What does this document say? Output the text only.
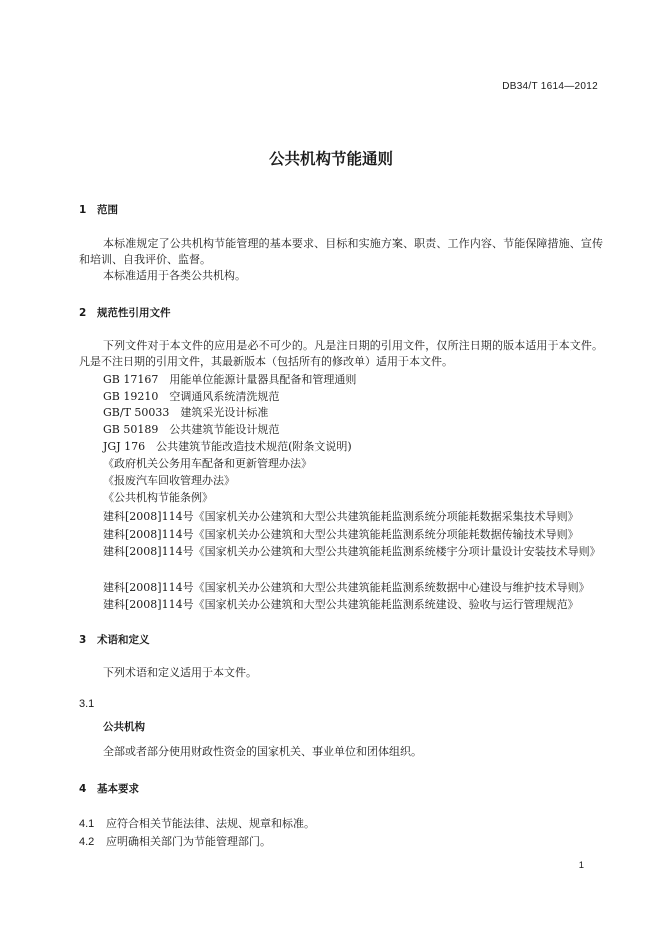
DB34/T 1614—2012
公共机构节能通则
1 范围
本标准规定了公共机构节能管理的基本要求、目标和实施方案、职责、工作内容、节能保障措施、宣传和培训、自我评价、监督。
本标准适用于各类公共机构。
2 规范性引用文件
下列文件对于本文件的应用是必不可少的。凡是注日期的引用文件，仅所注日期的版本适用于本文件。凡是不注日期的引用文件，其最新版本（包括所有的修改单）适用于本文件。
GB 17167　用能单位能源计量器具配备和管理通则
GB 19210　空调通风系统清洗规范
GB/T 50033　建筑采光设计标准
GB 50189　公共建筑节能设计规范
JGJ 176　公共建筑节能改造技术规范(附条文说明)
《政府机关公务用车配备和更新管理办法》
《报废汽车回收管理办法》
《公共机构节能条例》
建科[2008]114号《国家机关办公建筑和大型公共建筑能耗监测系统分项能耗数据采集技术导则》
建科[2008]114号《国家机关办公建筑和大型公共建筑能耗监测系统分项能耗数据传输技术导则》
建科[2008]114号《国家机关办公建筑和大型公共建筑能耗监测系统楼宇分项计量设计安装技术导则》
建科[2008]114号《国家机关办公建筑和大型公共建筑能耗监测系统数据中心建设与维护技术导则》
建科[2008]114号《国家机关办公建筑和大型公共建筑能耗监测系统建设、验收与运行管理规范》
3 术语和定义
下列术语和定义适用于本文件。
3.1
公共机构
全部或者部分使用财政性资金的国家机关、事业单位和团体组织。
4 基本要求
4.1 应符合相关节能法律、法规、规章和标准。
4.2 应明确相关部门为节能管理部门。
1
